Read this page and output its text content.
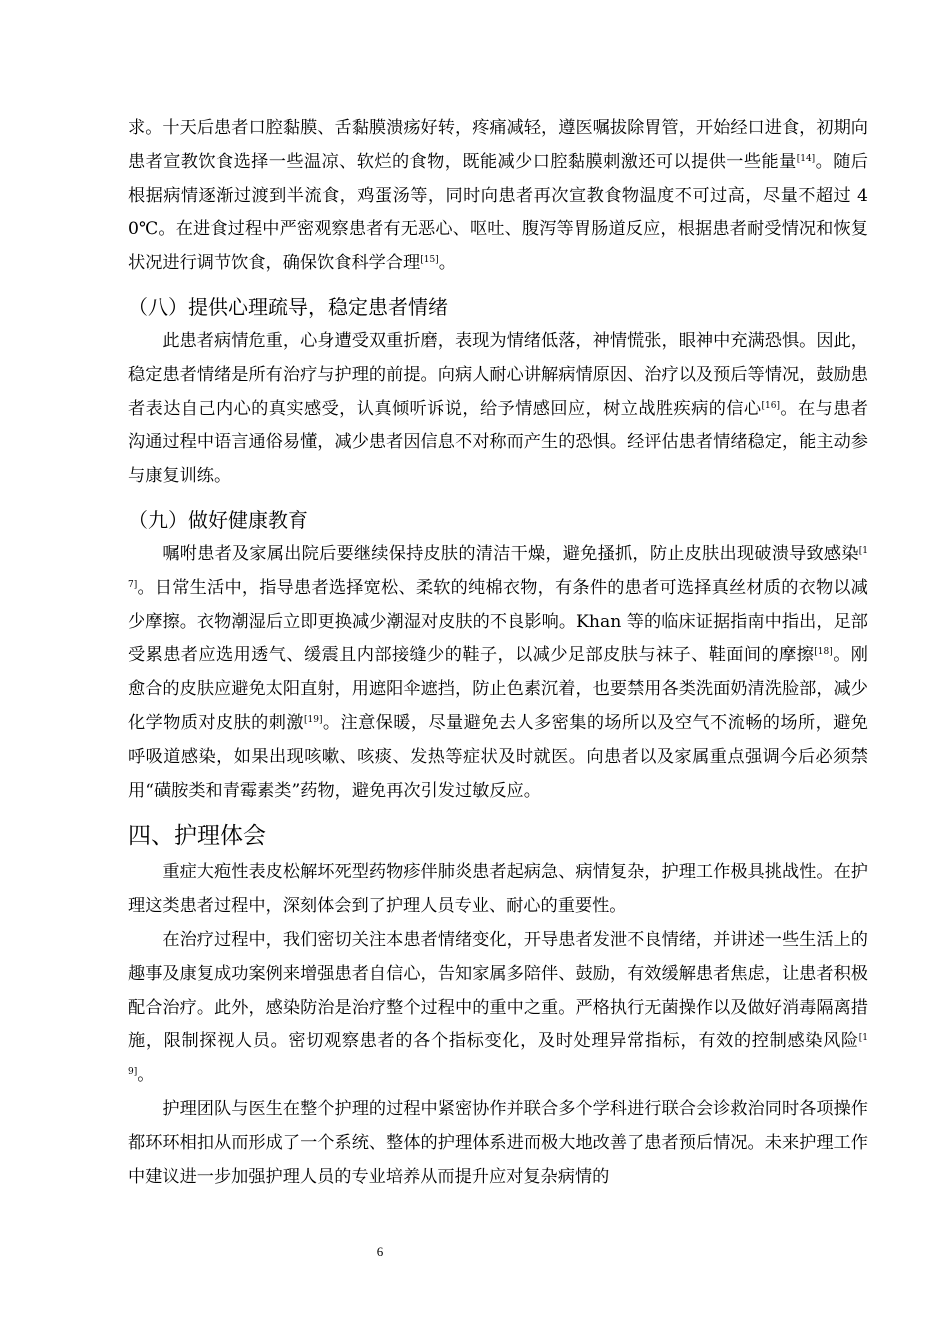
求。十天后患者口腔黏膜、舌黏膜溃疡好转，疼痛减轻，遵医嘱拔除胃管，开始经口进食，初期向患者宣教饮食选择一些温凉、软烂的食物，既能减少口腔黏膜刺激还可以提供一些能量[14]。随后根据病情逐渐过渡到半流食，鸡蛋汤等，同时向患者再次宣教食物温度不可过高，尽量不超过 40℃。在进食过程中严密观察患者有无恶心、呕吐、腹泻等胃肠道反应，根据患者耐受情况和恢复状况进行调节饮食，确保饮食科学合理[15]。

（八）提供心理疏导，稳定患者情绪

此患者病情危重，心身遭受双重折磨，表现为情绪低落，神情慌张，眼神中充满恐惧。因此，稳定患者情绪是所有治疗与护理的前提。向病人耐心讲解病情原因、治疗以及预后等情况，鼓励患者表达自己内心的真实感受，认真倾听诉说，给予情感回应，树立战胜疾病的信心[16]。在与患者沟通过程中语言通俗易懂，减少患者因信息不对称而产生的恐惧。经评估患者情绪稳定，能主动参与康复训练。

（九）做好健康教育

嘱咐患者及家属出院后要继续保持皮肤的清洁干燥，避免搔抓，防止皮肤出现破溃导致感染[17]。日常生活中，指导患者选择宽松、柔软的纯棉衣物，有条件的患者可选择真丝材质的衣物以减少摩擦。衣物潮湿后立即更换减少潮湿对皮肤的不良影响。Khan 等的临床证据指南中指出，足部受累患者应选用透气、缓震且内部接缝少的鞋子，以减少足部皮肤与袜子、鞋面间的摩擦[18]。刚愈合的皮肤应避免太阳直射，用遮阳伞遮挡，防止色素沉着，也要禁用各类洗面奶清洗脸部，减少化学物质对皮肤的刺激[19]。注意保暖，尽量避免去人多密集的场所以及空气不流畅的场所，避免呼吸道感染，如果出现咳嗽、咳痰、发热等症状及时就医。向患者以及家属重点强调今后必须禁用“磺胺类和青霉素类”药物，避免再次引发过敏反应。

四、护理体会

重症大疱性表皮松解坏死型药物疹伴肺炎患者起病急、病情复杂，护理工作极具挑战性。在护理这类患者过程中，深刻体会到了护理人员专业、耐心的重要性。

在治疗过程中，我们密切关注本患者情绪变化，开导患者发泄不良情绪，并讲述一些生活上的趣事及康复成功案例来增强患者自信心，告知家属多陪伴、鼓励，有效缓解患者焦虑，让患者积极配合治疗。此外，感染防治是治疗整个过程中的重中之重。严格执行无菌操作以及做好消毒隔离措施，限制探视人员。密切观察患者的各个指标变化，及时处理异常指标，有效的控制感染风险[19]。

护理团队与医生在整个护理的过程中紧密协作并联合多个学科进行联合会诊救治同时各项操作都环环相扣从而形成了一个系统、整体的护理体系进而极大地改善了患者预后情况。未来护理工作中建议进一步加强护理人员的专业培养从而提升应对复杂病情的

6
